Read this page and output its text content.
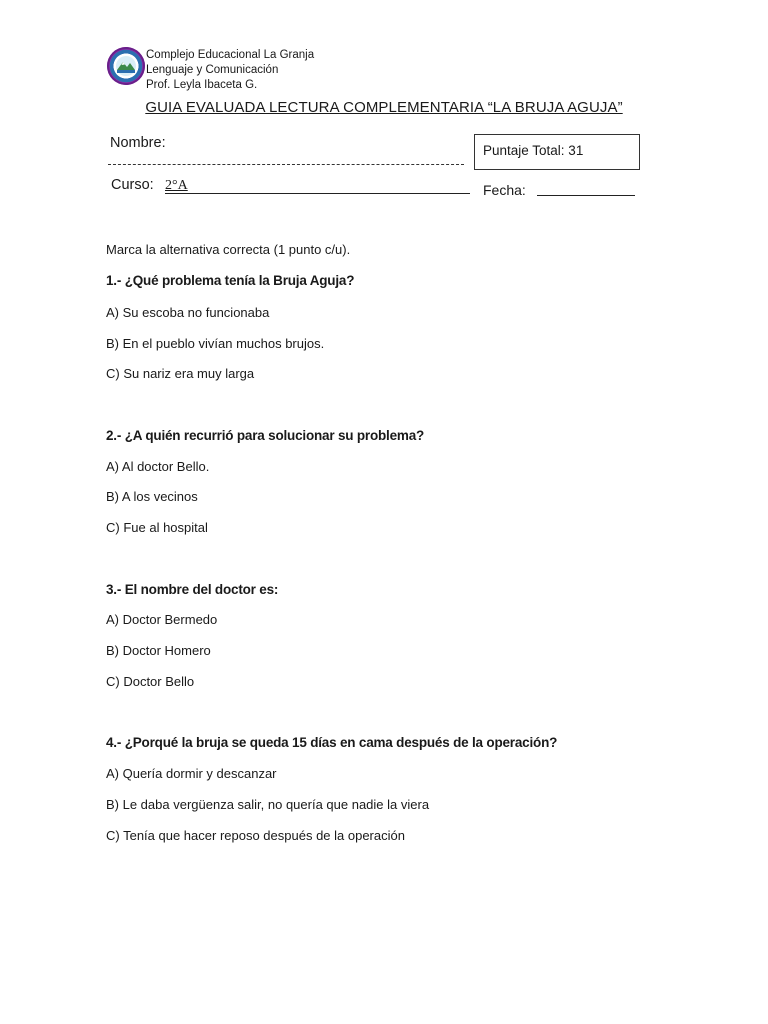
Complejo Educacional La Granja
Lenguaje y Comunicación
Prof. Leyla Ibaceta G.
GUIA EVALUADA LECTURA COMPLEMENTARIA “LA BRUJA AGUJA”
Nombre:
Curso: 2°A
Puntaje Total: 31
Fecha:
Marca la alternativa correcta (1 punto c/u).
1.- ¿Qué problema tenía la Bruja Aguja?
A) Su escoba no funcionaba
B) En el pueblo vivían muchos brujos.
C) Su nariz era muy larga
2.- ¿A quién recurrió para solucionar su problema?
A) Al doctor Bello.
B) A los vecinos
C) Fue al hospital
3.- El nombre del doctor es:
A) Doctor Bermedo
B) Doctor Homero
C) Doctor Bello
4.- ¿Porqué la bruja se queda 15 días en cama después de la operación?
A) Quería dormir y descanzar
B) Le daba vergüenza salir, no quería que nadie la viera
C) Tenía que hacer reposo después de la operación
